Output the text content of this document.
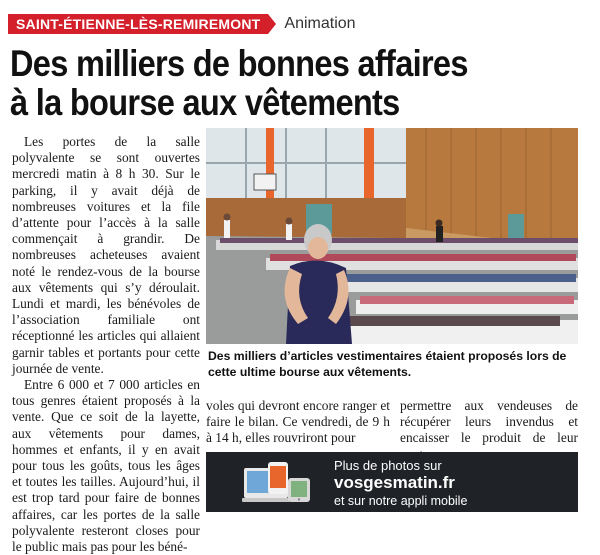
SAINT-ÉTIENNE-LÈS-REMIREMONT	Animation
Des milliers de bonnes affaires
à la bourse aux vêtements

Les portes de la salle polyvalente se sont ouvertes mercredi matin à 8 h 30. Sur le parking, il y avait déjà de nombreuses voitures et la file d’attente pour l’accès à la salle commençait à grandir. De nombreuses acheteuses avaient noté le rendez-vous de la bourse aux vêtements qui s’y déroulait. Lundi et mardi, les bénévoles de l’association familiale ont réceptionné les articles qui allaient garnir tables et portants pour cette journée de vente.

Entre 6 000 et 7 000 articles en tous genres étaient proposés à la vente. Que ce soit de la layette, aux vêtements pour dames, hommes et enfants, il y en avait pour tous les goûts, tous les âges et toutes les tailles. Aujourd’hui, il est trop tard pour faire de bonnes affaires, car les portes de la salle polyvalente resteront closes pour le public mais pas pour les béné-

Des milliers d’articles vestimentaires étaient proposés lors de cette ultime bourse aux vêtements.
voles qui devront encore ranger et faire le bilan. Ce vendredi, de 9 h à 14 h, elles rouvriront pour
permettre aux vendeuses de récupérer leurs invendus et encaisser le produit de leur
Plus de photos sur
vosgesmatin.fr
et sur notre appli mobile
